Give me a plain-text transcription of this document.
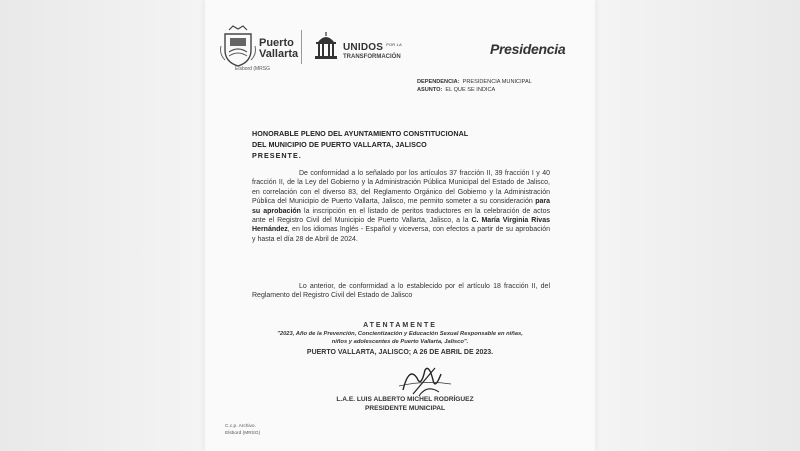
Puerto
Vallarta
Elsbord (MRSG
UNIDOS $^{POR LA}$
TRANSFORMACIÓN	Presidencia
DEPENDENCIA: PRESIDENCIA MUNICIPAL
ASUNTO: EL QUE SE INDICA
HONORABLE PLENO DEL AYUNTAMIENTO CONSTITUCIONAL
DEL MUNICIPIO DE PUERTO VALLARTA, JALISCO
PRESENTE.

De conformidad a lo señalado por los artículos 37 fracción II, 39 fracción I y 40 fracción II, de la Ley del Gobierno y la Administración Pública Municipal del Estado de Jalisco, en correlación con el diverso 83, del Reglamento Orgánico del Gobierno y la Administración Pública del Municipio de Puerto Vallarta, Jalisco, me permito someter a su consideración para su aprobación la inscripción en el listado de peritos traductores en la celebración de actos ante el Registro Civil del Municipio de Puerto Vallarta, Jalisco, a la C. María Virginia Rivas Hernández, en los idiomas Inglés - Español y viceversa, con efectos a partir de su aprobación y hasta el día 28 de Abril de 2024.

Lo anterior, de conformidad a lo establecido por el artículo 18 fracción II, del Reglamento del Registro Civil del Estado de Jalisco

ATENTAMENTE
"2023, Año de la Prevención, Concientización y Educación Sexual Responsable en niñas,
niños y adolescentes de Puerto Vallarta, Jalisco".
PUERTO VALLARTA, JALISCO; A 26 DE ABRIL DE 2023.
L.A.E. LUIS ALBERTO MICHEL RODRÍGUEZ
PRESIDENTE MUNICIPAL
C.c.p. Archivo.
Elsbord (MRSG)
